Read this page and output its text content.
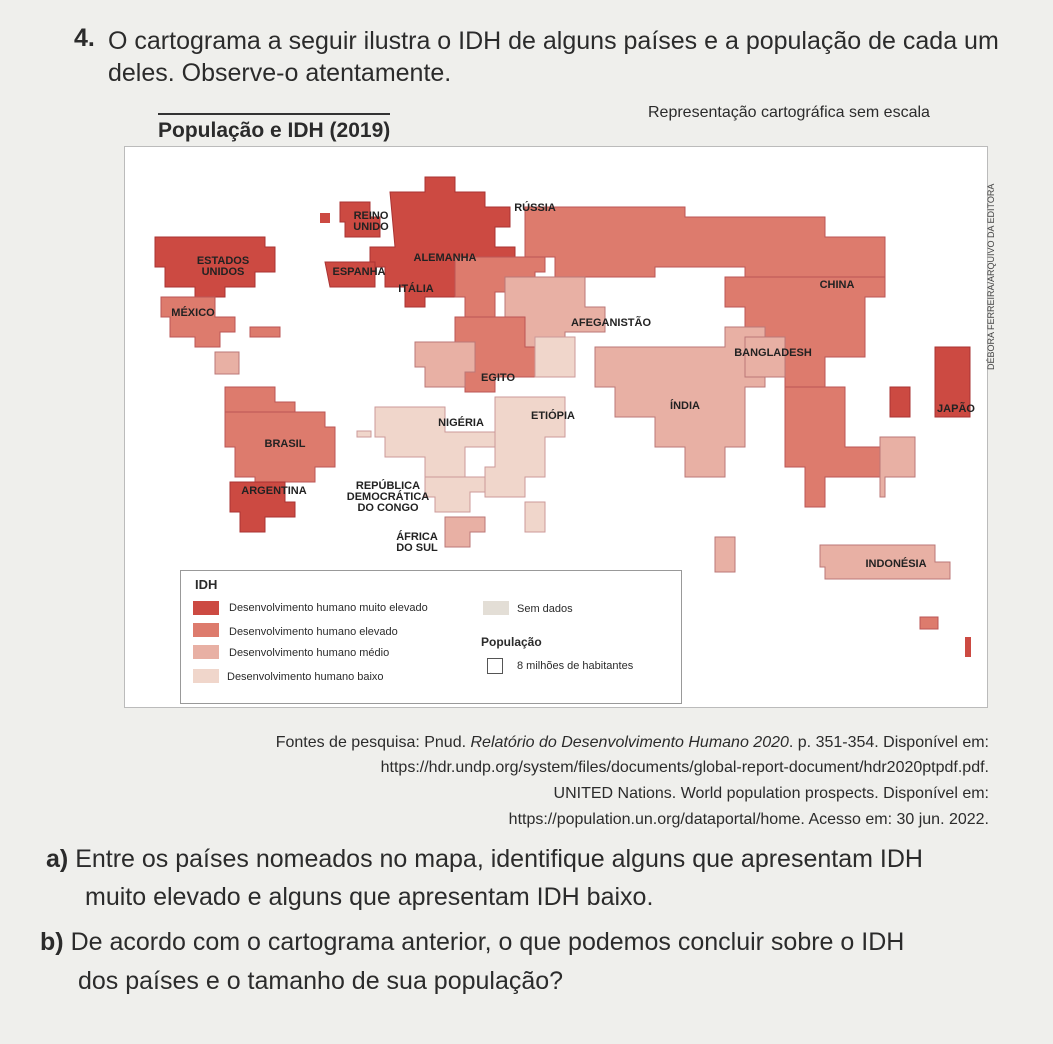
4. O cartograma a seguir ilustra o IDH de alguns países e a população de cada um
deles. Observe-o atentamente.
População e IDH (2019)
Representação cartográfica sem escala
REINO UNIDO
RÚSSIA
ESTADOS UNIDOS
ALEMANHA
ESPANHA
ITÁLIA	CHINA
MÉXICO
AFEGANISTÃO
BANGLADESH
EGITO
ÍNDIA	JAPÃO
NIGÉRIA
ETIÓPIA
BRASIL
ARGENTINA	REPÚBLICA DEMOCRÁTICA DO CONGO
ÁFRICA DO SUL
INDONÉSIA
DÉBORA FERREIRA/ARQUIVO DA EDITORA
IDH
Desenvolvimento humano muito elevado
Desenvolvimento humano elevado
Desenvolvimento humano médio
Desenvolvimento humano baixo
Sem dados
População
8 milhões de habitantes
Fontes de pesquisa: Pnud. Relatório do Desenvolvimento Humano 2020. p. 351-354. Disponível em:
https://hdr.undp.org/system/files/documents/global-report-document/hdr2020ptpdf.pdf.
UNITED Nations. World population prospects. Disponível em:
https://population.un.org/dataportal/home. Acesso em: 30 jun. 2022.
a) Entre os países nomeados no mapa, identifique alguns que apresentam IDH
muito elevado e alguns que apresentam IDH baixo.
b) De acordo com o cartograma anterior, o que podemos concluir sobre o IDH
dos países e o tamanho de sua população?
